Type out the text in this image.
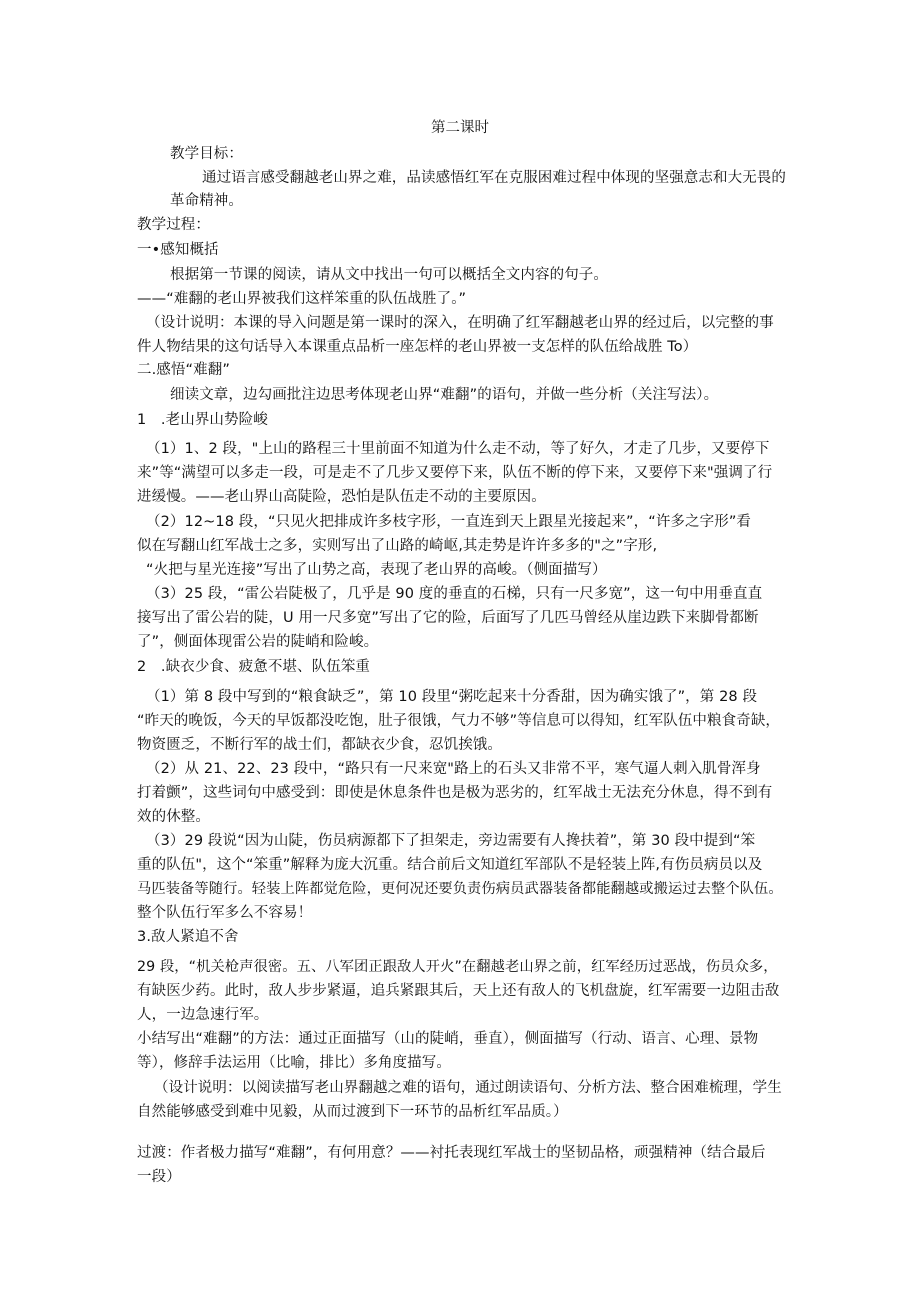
第二课时
教学目标：
通过语言感受翻越老山界之难，品读感悟红军在克服困难过程中体现的坚强意志和大无畏的
革命精神。
教学过程：
一•感知概括
根据第一节课的阅读，请从文中找出一句可以概括全文内容的句子。
——“难翻的老山界被我们这样笨重的队伍战胜了。”
（设计说明：本课的导入问题是第一课时的深入，在明确了红军翻越老山界的经过后，以完整的事
件人物结果的这句话导入本课重点品析一座怎样的老山界被一支怎样的队伍给战胜 To）
二.感悟“难翻”
细读文章，边勾画批注边思考体现老山界“难翻”的语句，并做一些分析（关注写法）。
1　.老山界山势险峻
（1）1、2 段，"上山的路程三十里前面不知道为什么走不动，等了好久，才走了几步，又要停下
来”等“满望可以多走一段，可是走不了几步又要停下来，队伍不断的停下来，又要停下来"强调了行
进缓慢。——老山界山高陡险，恐怕是队伍走不动的主要原因。
（2）12~18 段，“只见火把排成许多枝字形，一直连到天上跟星光接起来”，“许多之字形”看
似在写翻山红军战士之多，实则写出了山路的崎岖,其走势是许许多多的"之”字形,
“火把与星光连接”写出了山势之高，表现了老山界的高峻。（侧面描写）
（3）25 段，“雷公岩陡极了，几乎是 90 度的垂直的石梯，只有一尺多宽”，这一句中用垂直直
接写出了雷公岩的陡，U 用一尺多宽”写出了它的险，后面写了几匹马曾经从崖边跌下来脚骨都断
了”，侧面体现雷公岩的陡峭和险峻。
2　.缺衣少食、疲惫不堪、队伍笨重
（1）第 8 段中写到的“粮食缺乏”，第 10 段里“粥吃起来十分香甜，因为确实饿了”，第 28 段
“昨天的晚饭，今天的早饭都没吃饱，肚子很饿，气力不够”等信息可以得知，红军队伍中粮食奇缺，
物资匮乏，不断行军的战士们，都缺衣少食，忍饥挨饿。
（2）从 21、22、23 段中，“路只有一尺来宽"路上的石头又非常不平，寒气逼人刺入肌骨浑身
打着颤”，这些词句中感受到：即使是休息条件也是极为恶劣的，红军战士无法充分休息，得不到有
效的休整。
（3）29 段说“因为山陡，伤员病源都下了担架走，旁边需要有人搀扶着”，第 30 段中提到“笨
重的队伍"，这个“笨重”解释为庞大沉重。结合前后文知道红军部队不是轻装上阵,有伤员病员以及
马匹装备等随行。轻装上阵都觉危险，更何况还要负责伤病员武器装备都能翻越或搬运过去整个队伍。
整个队伍行军多么不容易！
3.敌人紧追不舍
29 段，“机关枪声很密。五、八军团正跟敌人开火”在翻越老山界之前，红军经历过恶战，伤员众多，
有缺医少药。此时，敌人步步紧逼，追兵紧跟其后，天上还有敌人的飞机盘旋，红军需要一边阻击敌
人，一边急速行军。
小结写出“难翻”的方法：通过正面描写（山的陡峭，垂直），侧面描写（行动、语言、心理、景物
等），修辞手法运用（比喻，排比）多角度描写。
（设计说明：以阅读描写老山界翻越之难的语句，通过朗读语句、分析方法、整合困难梳理，学生
自然能够感受到难中见毅，从而过渡到下一环节的品析红军品质。）
过渡：作者极力描写“难翻”，有何用意？——衬托表现红军战士的坚韧品格，顽强精神（结合最后
一段）
